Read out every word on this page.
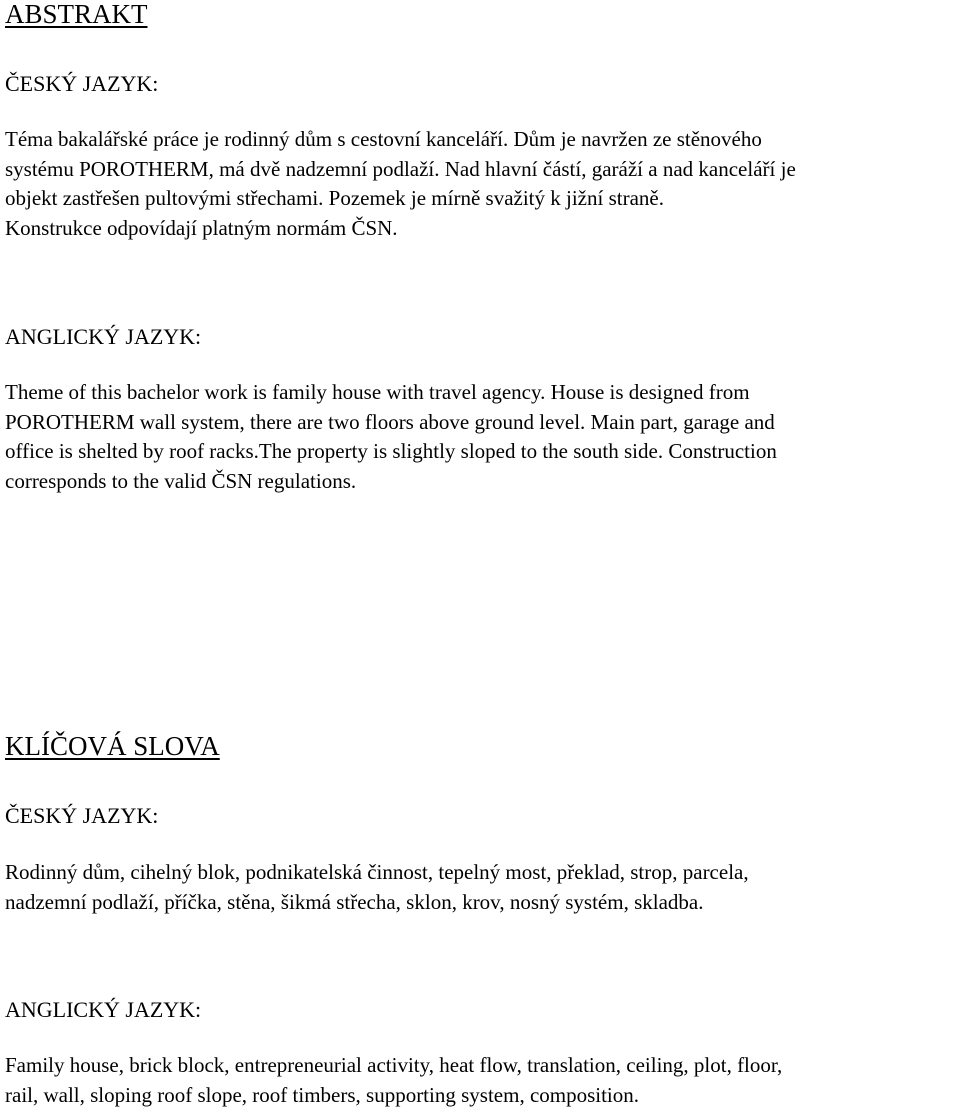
ABSTRAKT
ČESKÝ JAZYK:

Téma bakalářské práce je rodinný dům s cestovní kanceláří. Dům je navržen ze stěnového
systému POROTHERM, má dvě nadzemní podlaží. Nad hlavní částí, garáží a nad kanceláří je
objekt zastřešen pultovými střechami. Pozemek je mírně svažitý k jižní straně.
Konstrukce odpovídají platným normám ČSN.

ANGLICKÝ JAZYK:

Theme of this bachelor work is family house with travel agency. House is designed from
POROTHERM wall system, there are two floors above ground level. Main part, garage and
office is shelted by roof racks.The property is slightly sloped to the south side. Construction
corresponds to the valid ČSN regulations.

KLÍČOVÁ SLOVA
ČESKÝ JAZYK:

Rodinný dům, cihelný blok, podnikatelská činnost, tepelný most, překlad, strop, parcela,
nadzemní podlaží, příčka, stěna, šikmá střecha, sklon, krov, nosný systém, skladba.

ANGLICKÝ JAZYK:

Family house, brick block, entrepreneurial activity, heat flow, translation, ceiling, plot, floor,
rail, wall, sloping roof slope, roof timbers, supporting system, composition.
